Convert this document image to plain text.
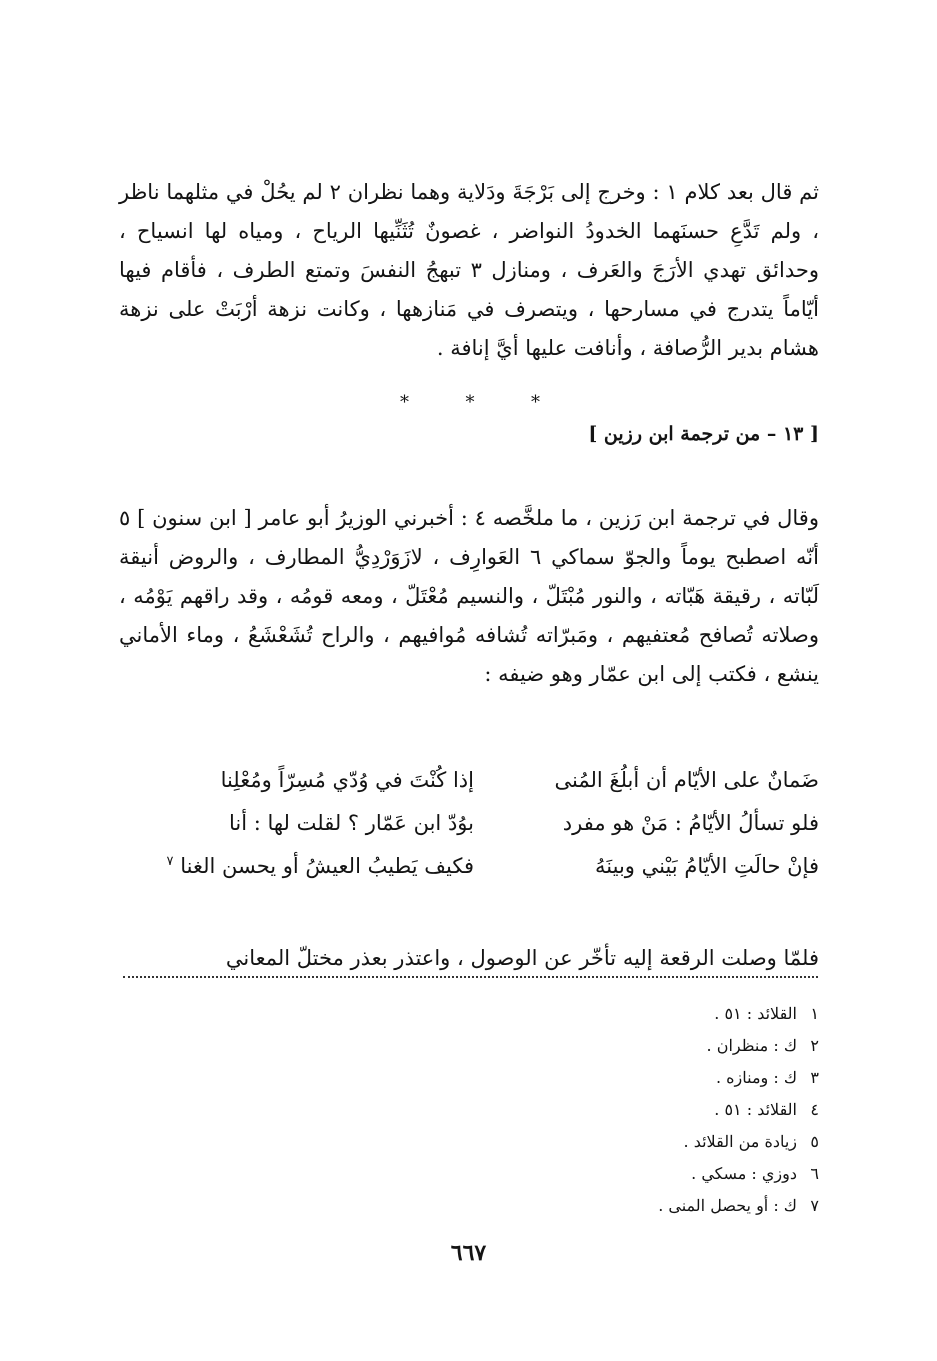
ثم قال بعد كلام ١ : وخرج إلى بَرْجَةَ ودَلاية وهما نظران ٢ لم يحُلْ في مثلهما ناظر ، ولم تَدَّعِ حسنَهما الخدودُ النواضر ، غصونٌ تُثَنِّيها الرياح ، ومياه لها انسياح ، وحدائق تهدي الأرَجَ والعَرف ، ومنازل ٣ تبهجُ النفسَ وتمتع الطرف ، فأقام فيها أيّاماً يتدرج في مسارحها ، ويتصرف في مَنازهها ، وكانت نزهة أرْبَتْ على نزهة هشام بدير الرُّصافة ، وأنافت عليها أيَّ إنافة .

*	*	*
[ ١٣ – من ترجمة ابن رزين ]

وقال في ترجمة ابن رَزين ، ما ملخَّصه ٤ : أخبرني الوزيرُ أبو عامر [ ابن سنون ] ٥ أنّه اصطبح يوماً والجوّ سماكي ٦ العَوارِف ، لازَوَرْدِيُّ المطارف ، والروض أنيقة لَبّاته ، رقيقة هَبّاته ، والنور مُبْتَلّ ، والنسيم مُعْتَلّ ، ومعه قومُه ، وقد راقهم يَوْمُه ، وصلاته تُصافح مُعتفيهم ، ومَبرّاته تُشافه مُوافيهم ، والراح تُشَعْشَعُ ، وماء الأماني ينشع ، فكتب إلى ابن عمّار وهو ضيفه :

ضَمانٌ على الأيّام أن أبلُغَ المُنى
إذا كُنْتَ في وُدّي مُسِرّاً ومُعْلِنا
فلو تسألُ الأيّامُ : مَنْ هو مفرد
بوُدّ ابن عَمّار ؟ لقلت لها : أنا
فإنْ حالَتِ الأيّامُ بَيْني وبينَهُ
فكيف يَطيبُ العيشُ أو يحسن الغنا $^٧$

فلمّا وصلت الرقعة إليه تأخّر عن الوصول ، واعتذر بعذر مختلّ المعاني

١القلائد : ٥١ .
٢ك : منظران .
٣ك : ومنازه .
٤القلائد : ٥١ .
٥زيادة من القلائد .
٦دوزي : مسكي .
٧ك : أو يحصل المنى .
٦٦٧
